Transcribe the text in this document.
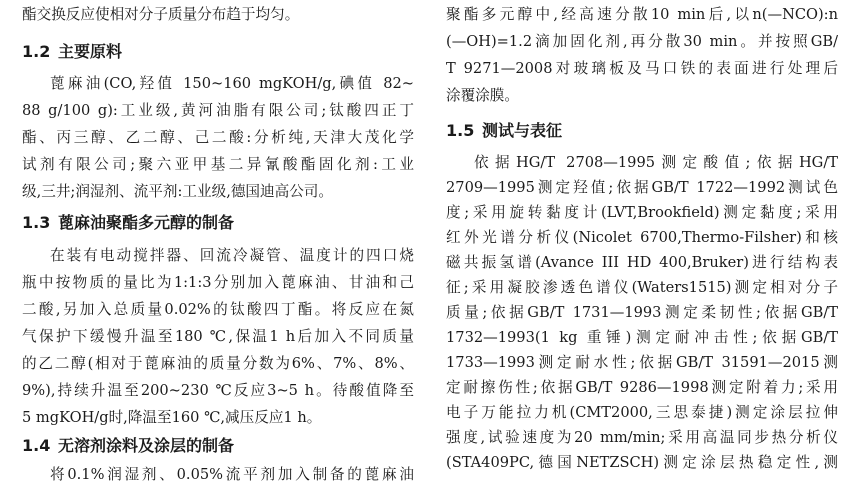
酯交换反应使相对分子质量分布趋于均匀。
1.2 主要原料
蓖麻油(CO,羟值 150~160 mgKOH/g,碘值 82~
88 g/100 g):工业级,黄河油脂有限公司;钛酸四正丁
酯、丙三醇、乙二醇、己二酸:分析纯,天津大茂化学
试剂有限公司;聚六亚甲基二异氰酸酯固化剂:工业
级,三井;润湿剂、流平剂:工业级,德国迪高公司。
1.3 蓖麻油聚酯多元醇的制备
在装有电动搅拌器、回流冷凝管、温度计的四口烧
瓶中按物质的量比为1:1:3分别加入蓖麻油、甘油和己
二酸,另加入总质量0.02%的钛酸四丁酯。将反应在氮
气保护下缓慢升温至180 ℃,保温1 h后加入不同质量
的乙二醇(相对于蓖麻油的质量分数为6%、7%、8%、
9%),持续升温至200~230 ℃反应3~5 h。待酸值降至
5 mgKOH/g时,降温至160 ℃,减压反应1 h。
1.4 无溶剂涂料及涂层的制备
将0.1%润湿剂、0.05%流平剂加入制备的蓖麻油
聚酯多元醇中,经高速分散10 min后,以n(—NCO):n
(—OH)=1.2滴加固化剂,再分散30 min。并按照GB/
T 9271—2008对玻璃板及马口铁的表面进行处理后
涂覆涂膜。
1.5 测试与表征
依据HG/T 2708—1995测定酸值;依据HG/T
2709—1995测定羟值;依据GB/T 1722—1992测试色
度;采用旋转黏度计(LVT,Brookfield)测定黏度;采用
红外光谱分析仪(Nicolet 6700,Thermo-Filsher)和核
磁共振氢谱(Avance III HD 400,Bruker)进行结构表
征;采用凝胶渗透色谱仪(Waters1515)测定相对分子
质量;依据GB/T 1731—1993测定柔韧性;依据GB/T
1732—1993(1 kg 重锤)测定耐冲击性;依据GB/T
1733—1993测定耐水性;依据GB/T 31591—2015测
定耐擦伤性;依据GB/T 9286—1998测定附着力;采用
电子万能拉力机(CMT2000,三思泰捷)测定涂层拉伸
强度,试验速度为20 mm/min;采用高温同步热分析仪
(STA409PC,德国NETZSCH)测定涂层热稳定性,测
